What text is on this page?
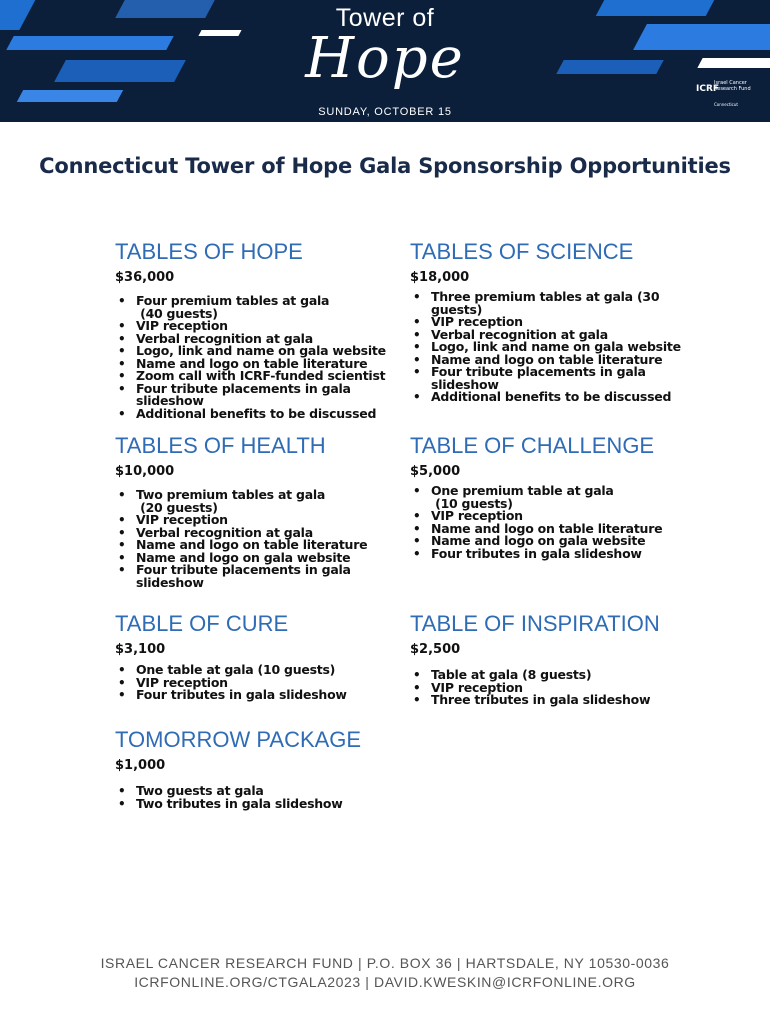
Tower of
Hope
SUNDAY, OCTOBER 15
ICRF
Israel Cancer Research Fund
Connecticut
Connecticut Tower of Hope Gala Sponsorship Opportunities
TABLES OF HOPE
$36,000
• Four premium tables at gala
(40 guests)
• VIP reception
• Verbal recognition at gala
• Logo, link and name on gala website
• Name and logo on table literature
• Zoom call with ICRF-funded scientist
• Four tribute placements in gala
slideshow
• Additional benefits to be discussed
TABLES OF SCIENCE
$18,000
• Three premium tables at gala (30
guests)
• VIP reception
• Verbal recognition at gala
• Logo, link and name on gala website
• Name and logo on table literature
• Four tribute placements in gala
slideshow
• Additional benefits to be discussed
TABLES OF HEALTH
$10,000
• Two premium tables at gala
(20 guests)
• VIP reception
• Verbal recognition at gala
• Name and logo on table literature
• Name and logo on gala website
• Four tribute placements in gala
slideshow
TABLE OF CHALLENGE
$5,000
• One premium table at gala
(10 guests)
• VIP reception
• Name and logo on table literature
• Name and logo on gala website
• Four tributes in gala slideshow
TABLE OF CURE
$3,100
• One table at gala (10 guests)
• VIP reception
• Four tributes in gala slideshow
TABLE OF INSPIRATION
$2,500
• Table at gala (8 guests)
• VIP reception
• Three tributes in gala slideshow
TOMORROW PACKAGE
$1,000
• Two guests at gala
• Two tributes in gala slideshow
ISRAEL CANCER RESEARCH FUND | P.O. BOX 36 | HARTSDALE, NY 10530-0036
ICRFONLINE.ORG/CTGALA2023 | DAVID.KWESKIN@ICRFONLINE.ORG
